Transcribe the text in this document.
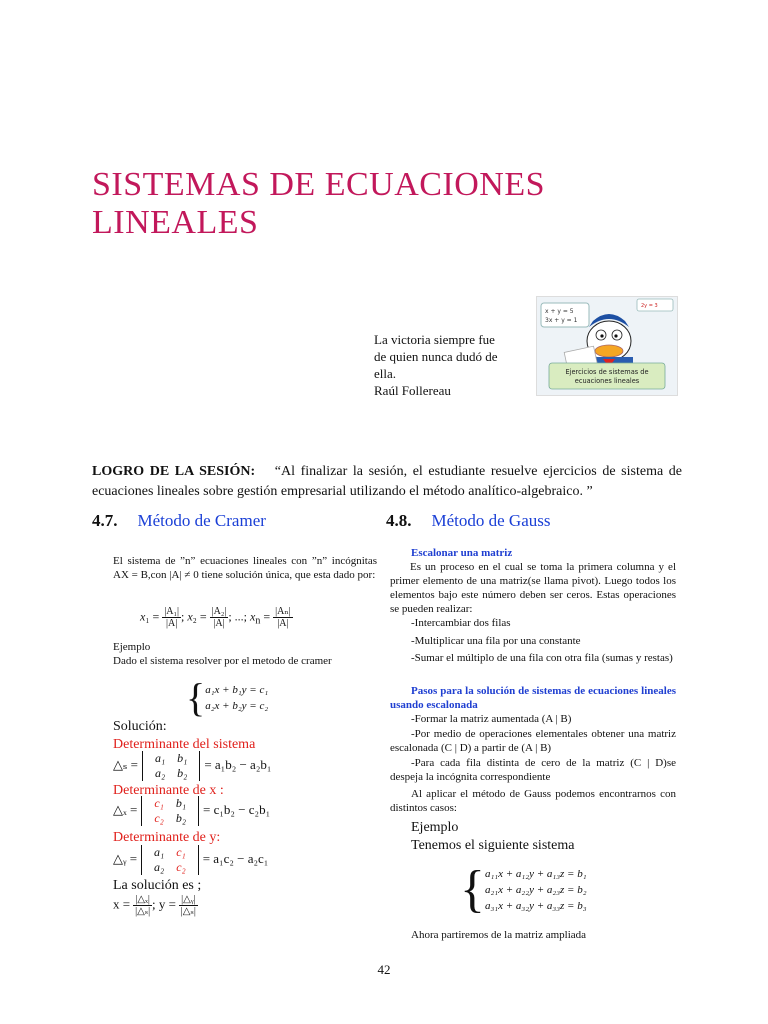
SISTEMAS DE ECUACIONES
LINEALES
La victoria siempre fue
de quien nunca dudó de
ella.
Raúl Follereau
x + y = 5
3x + y = 1
2y = 3
Ejercicios de sistemas de
ecuaciones lineales
LOGRO DE LA SESIÓN: “Al finalizar la sesión, el estudiante resuelve ejercicios de sistema de ecuaciones lineales sobre gestión empresarial utilizando el método analítico-algebraico. ”
4.7. Método de Cramer	4.8. Método de Gauss
El sistema de ”n” ecuaciones lineales con ”n” incógnitas AX = B,con |A| ≠ 0 tiene solución única, que esta dado por:
$x_1 = \frac{\text{|A₁|}}{|A|}$ ; $x_2 = \frac{\text{|A₂|}}{|A|}$ ; ...; $x_n = \frac{\text{|Aₙ|}}{|A|}$
Ejemplo
Dado el sistema resolver por el metodo de cramer
{ a₁x + b₁y = c₁
a₂x + b₂y = c₂
Solución:
Determinante del sistema
△ₛ = a₁	b₁
a₂	b₂
= a₁b₂ − a₂b₁
Determinante de x :
△ₓ = c₁	b₁
c₂	b₂
= c₁b₂ − c₂b₁
Determinante de y:
△ᵧ = a₁	c₁
a₂	c₂
= a₁c₂ − a₂c₁
La solución es ;
$x = \frac{\text{|△ₓ|}}{\text{|△ₛ|}}$ ; $y = \frac{\text{|△ᵧ|}}{\text{|△ₛ|}}$
Escalonar una matriz
Es un proceso en el cual se toma la primera columna y el primer elemento de una matriz(se llama pivot). Luego todos los elementos bajo este número deben ser ceros. Estas operaciones se pueden realizar:
-Intercambiar dos filas
-Multiplicar una fila por una constante
-Sumar el múltiplo de una fila con otra fila (sumas y restas)
Pasos para la solución de sistemas de ecuaciones lineales usando escalonada
-Formar la matriz aumentada (A | B)
-Por medio de operaciones elementales obtener una matriz escalonada (C | D) a partir de (A | B)
-Para cada fila distinta de cero de la matriz (C | D)se despeja la incógnita correspondiente
Al aplicar el método de Gauss podemos encontrarnos con distintos casos:
Ejemplo
Tenemos el siguiente sistema
{ a₁₁x + a₁₂y + a₁₃z = b₁
a₂₁x + a₂₂y + a₂₃z = b₂
a₃₁x + a₃₂y + a₃₃z = b₃
Ahora partiremos de la matriz ampliada
42
